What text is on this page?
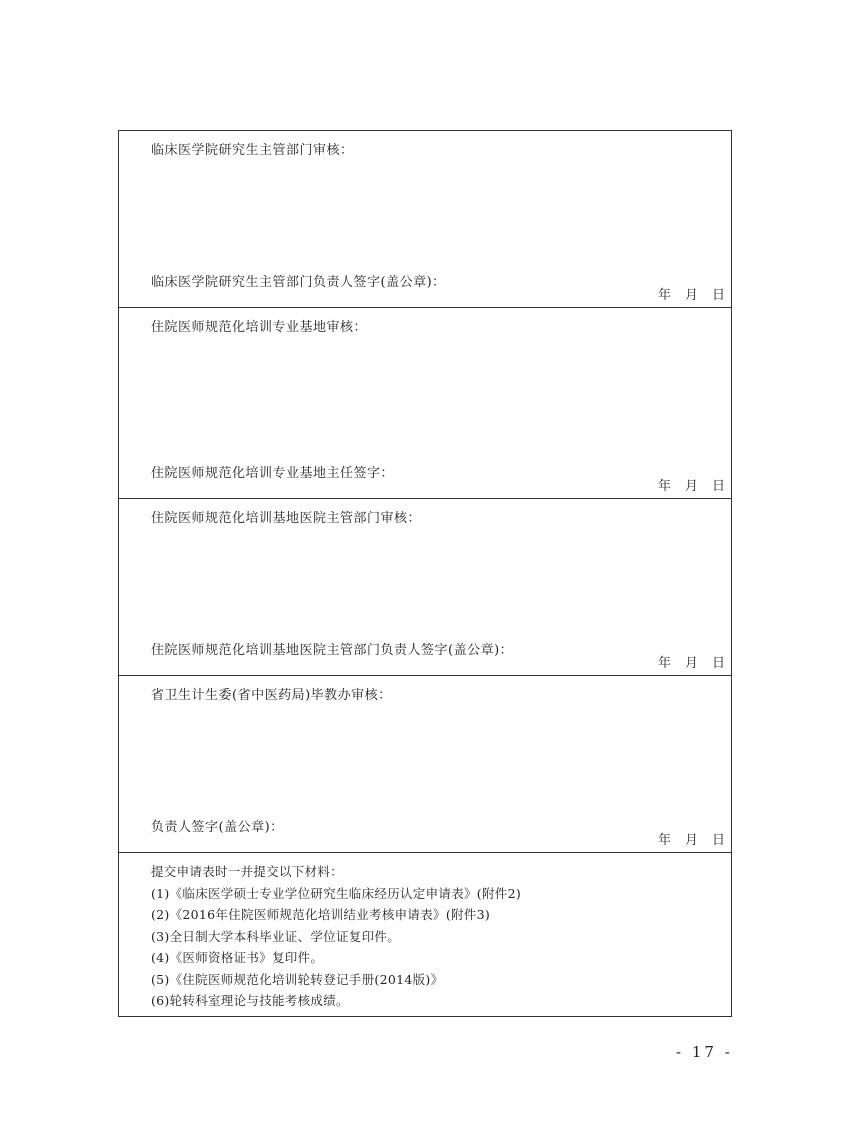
临床医学院研究生主管部门审核：
临床医学院研究生主管部门负责人签字(盖公章)：
年 月 日
住院医师规范化培训专业基地审核：
住院医师规范化培训专业基地主任签字：
年 月 日
住院医师规范化培训基地医院主管部门审核：
住院医师规范化培训基地医院主管部门负责人签字(盖公章)：
年 月 日
省卫生计生委(省中医药局)毕教办审核：
负责人签字(盖公章)：
年 月 日
提交申请表时一并提交以下材料：
(1)《临床医学硕士专业学位研究生临床经历认定申请表》(附件2)
(2)《2016年住院医师规范化培训结业考核申请表》(附件3)
(3)全日制大学本科毕业证、学位证复印件。
(4)《医师资格证书》复印件。
(5)《住院医师规范化培训轮转登记手册(2014版)》
(6)轮转科室理论与技能考核成绩。
- 17 -
